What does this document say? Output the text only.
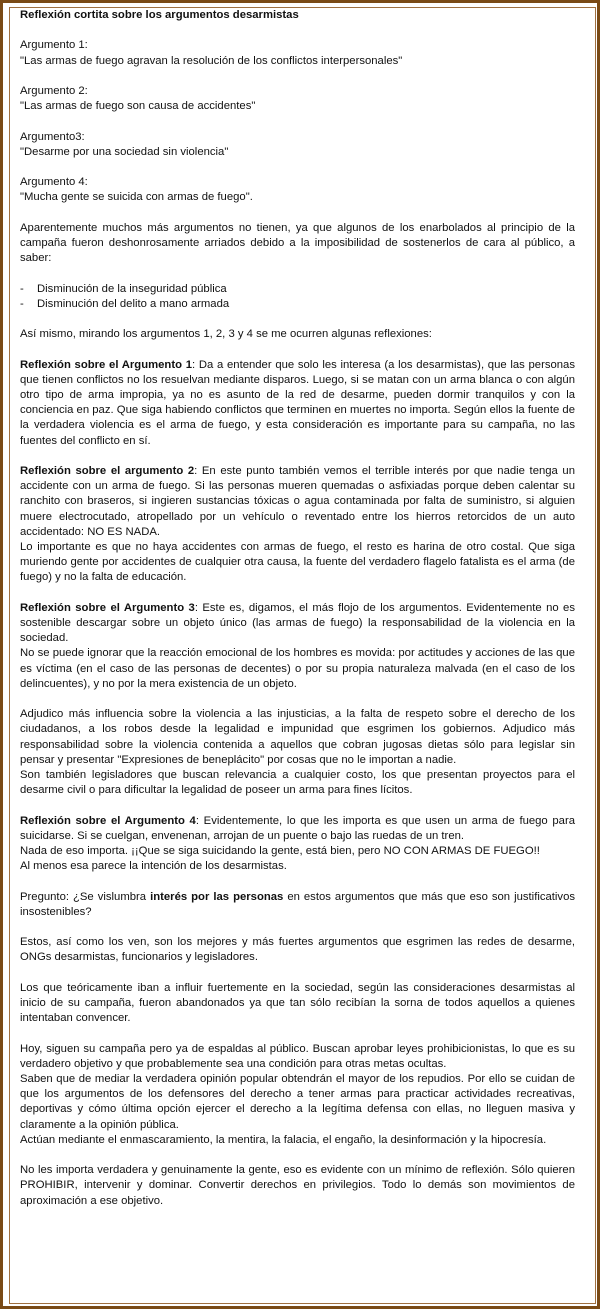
Reflexión cortita sobre los argumentos desarmistas

Argumento 1:

"Las armas de fuego agravan la resolución de los conflictos interpersonales"

Argumento 2:

"Las armas de fuego son causa de accidentes"

Argumento3:

"Desarme por una sociedad sin violencia"

Argumento 4:

"Mucha gente se suicida con armas de fuego".

Aparentemente muchos más argumentos no tienen, ya que algunos de los enarbolados al principio de la campaña fueron deshonrosamente arriados debido a la imposibilidad de sostenerlos de cara al público, a saber:

-	Disminución de la inseguridad pública
-	Disminución del delito a mano armada

Así mismo, mirando los argumentos 1, 2, 3 y 4 se me ocurren algunas reflexiones:

Reflexión sobre el Argumento 1: Da a entender que solo les interesa (a los desarmistas), que las personas que tienen conflictos no los resuelvan mediante disparos. Luego, si se matan con un arma blanca o con algún otro tipo de arma impropia, ya no es asunto de la red de desarme, pueden dormir tranquilos y con la conciencia en paz. Que siga habiendo conflictos que terminen en muertes no importa. Según ellos la fuente de la verdadera violencia es el arma de fuego, y esta consideración es importante para su campaña, no las fuentes del conflicto en sí.

Reflexión sobre el argumento 2: En este punto también vemos el terrible interés por que nadie tenga un accidente con un arma de fuego. Si las personas mueren quemadas o asfixiadas porque deben calentar su ranchito con braseros, si ingieren sustancias tóxicas o agua contaminada por falta de suministro, si alguien muere electrocutado, atropellado por un vehículo o reventado entre los hierros retorcidos de un auto accidentado: NO ES NADA.

Lo importante es que no haya accidentes con armas de fuego, el resto es harina de otro costal. Que siga muriendo gente por accidentes de cualquier otra causa, la fuente del verdadero flagelo fatalista es el arma (de fuego) y no la falta de educación.

Reflexión sobre el Argumento 3: Este es, digamos, el más flojo de los argumentos. Evidentemente no es sostenible descargar sobre un objeto único (las armas de fuego) la responsabilidad de la violencia en la sociedad.

No se puede ignorar que la reacción emocional de los hombres es movida: por actitudes y acciones de las que es víctima (en el caso de las personas de decentes) o por su propia naturaleza malvada (en el caso de los delincuentes), y no por la mera existencia de un objeto.

Adjudico más influencia sobre la violencia a las injusticias, a la falta de respeto sobre el derecho de los ciudadanos, a los robos desde la legalidad e impunidad que esgrimen los gobiernos. Adjudico más responsabilidad sobre la violencia contenida a aquellos que cobran jugosas dietas sólo para legislar sin pensar y presentar "Expresiones de beneplácito" por cosas que no le importan a nadie.

Son también legisladores que buscan relevancia a cualquier costo, los que presentan proyectos para el desarme civil o para dificultar la legalidad de poseer un arma para fines lícitos.

Reflexión sobre el Argumento 4: Evidentemente, lo que les importa es que usen un arma de fuego para suicidarse. Si se cuelgan, envenenan, arrojan de un puente o bajo las ruedas de un tren.

Nada de eso importa. ¡¡Que se siga suicidando la gente, está bien, pero NO CON ARMAS DE FUEGO!!

Al menos esa parece la intención de los desarmistas.

Pregunto: ¿Se vislumbra interés por las personas en estos argumentos que más que eso son justificativos insostenibles?

Estos, así como los ven, son los mejores y más fuertes argumentos que esgrimen las redes de desarme, ONGs desarmistas, funcionarios y legisladores.

Los que teóricamente iban a influir fuertemente en la sociedad, según las consideraciones desarmistas al inicio de su campaña, fueron abandonados ya que tan sólo recibían la sorna de todos aquellos a quienes intentaban convencer.

Hoy, siguen su campaña pero ya de espaldas al público. Buscan aprobar leyes prohibicionistas, lo que es su verdadero objetivo y que probablemente sea una condición para otras metas ocultas.

Saben que de mediar la verdadera opinión popular obtendrán el mayor de los repudios. Por ello se cuidan de que los argumentos de los defensores del derecho a tener armas para practicar actividades recreativas, deportivas y cómo última opción ejercer el derecho a la legítima defensa con ellas, no lleguen masiva y claramente a la opinión pública.

Actúan mediante el enmascaramiento, la mentira, la falacia, el engaño, la desinformación y la hipocresía.

No les importa verdadera y genuinamente la gente, eso es evidente con un mínimo de reflexión. Sólo quieren PROHIBIR, intervenir y dominar. Convertir derechos en privilegios. Todo lo demás son movimientos de aproximación a ese objetivo.
